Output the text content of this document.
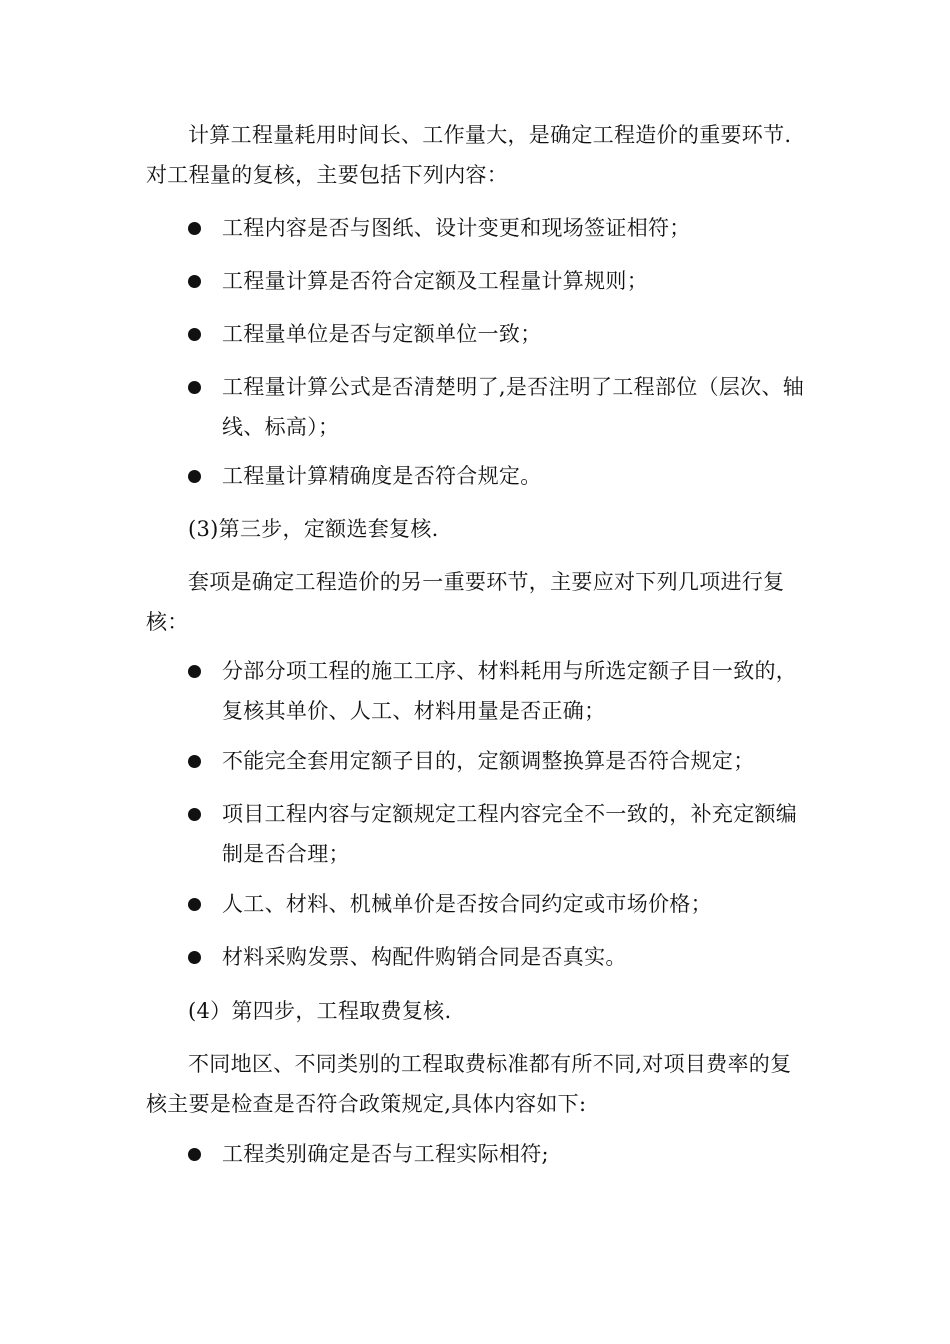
计算工程量耗用时间长、工作量大，是确定工程造价的重要环节.对工程量的复核，主要包括下列内容：

工程内容是否与图纸、设计变更和现场签证相符；
工程量计算是否符合定额及工程量计算规则；
工程量单位是否与定额单位一致；
工程量计算公式是否清楚明了,是否注明了工程部位（层次、轴线、标高）；
工程量计算精确度是否符合规定。

(3)第三步，定额选套复核.

套项是确定工程造价的另一重要环节，主要应对下列几项进行复核：

分部分项工程的施工工序、材料耗用与所选定额子目一致的，复核其单价、人工、材料用量是否正确；
不能完全套用定额子目的，定额调整换算是否符合规定；
项目工程内容与定额规定工程内容完全不一致的，补充定额编制是否合理；
人工、材料、机械单价是否按合同约定或市场价格；
材料采购发票、构配件购销合同是否真实。

(4）第四步，工程取费复核.

不同地区、不同类别的工程取费标准都有所不同,对项目费率的复核主要是检查是否符合政策规定,具体内容如下:

工程类别确定是否与工程实际相符;
